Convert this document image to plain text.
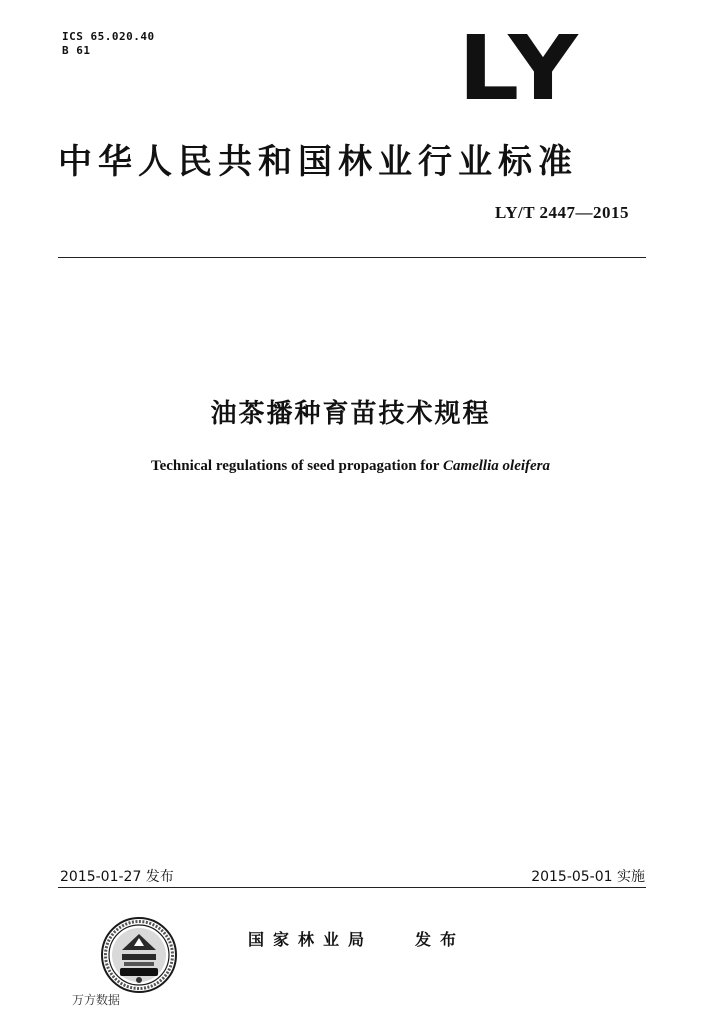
ICS 65.020.40
B 61	LY
中华人民共和国林业行业标准
LY/T 2447—2015
油茶播种育苗技术规程
Technical regulations of seed propagation for Camellia oleifera
2015-01-27 发布	2015-05-01 实施
国家林业局	发布
万方数据
